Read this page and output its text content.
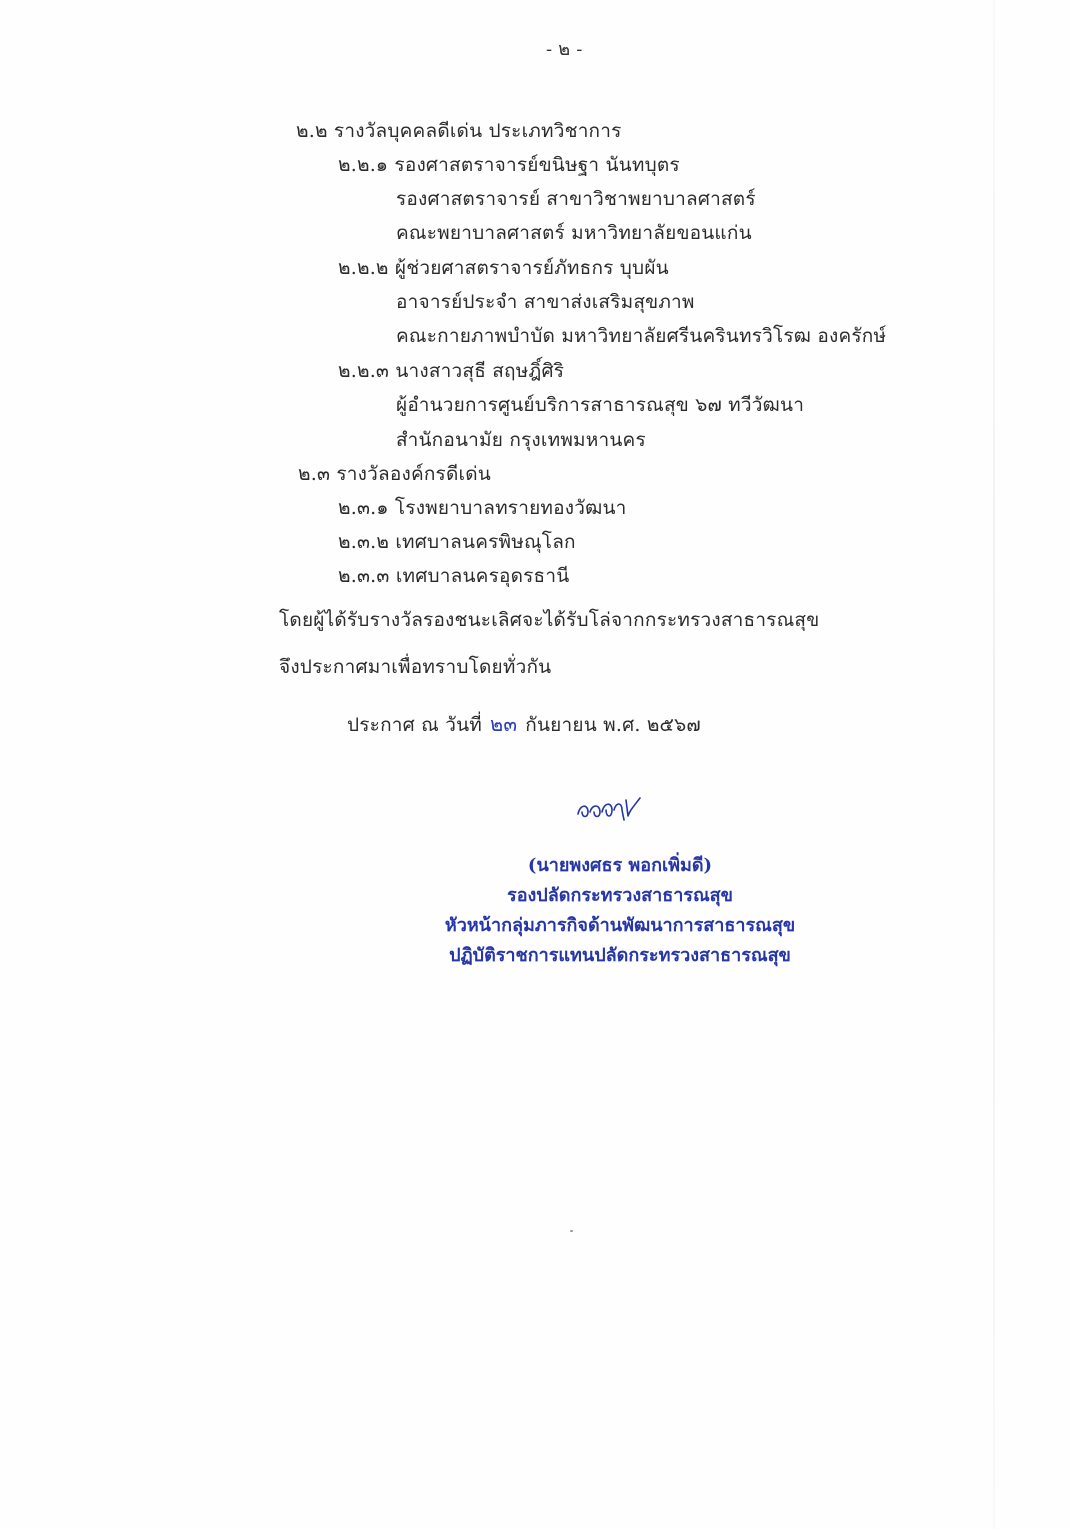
- ๒ -
๒.๒ รางวัลบุคคลดีเด่น ประเภทวิชาการ
๒.๒.๑ รองศาสตราจารย์ขนิษฐา นันทบุตร
รองศาสตราจารย์ สาขาวิชาพยาบาลศาสตร์
คณะพยาบาลศาสตร์ มหาวิทยาลัยขอนแก่น
๒.๒.๒ ผู้ช่วยศาสตราจารย์ภัทธกร บุบผัน
อาจารย์ประจำ สาขาส่งเสริมสุขภาพ
คณะกายภาพบำบัด มหาวิทยาลัยศรีนครินทรวิโรฒ องครักษ์
๒.๒.๓ นางสาวสุธี สฤษฎิ์ศิริ
ผู้อำนวยการศูนย์บริการสาธารณสุข ๖๗ ทวีวัฒนา
สำนักอนามัย กรุงเทพมหานคร
๒.๓ รางวัลองค์กรดีเด่น
๒.๓.๑ โรงพยาบาลทรายทองวัฒนา
๒.๓.๒ เทศบาลนครพิษณุโลก
๒.๓.๓ เทศบาลนครอุดรธานี
โดยผู้ได้รับรางวัลรองชนะเลิศจะได้รับโล่จากกระทรวงสาธารณสุข
จึงประกาศมาเพื่อทราบโดยทั่วกัน
ประกาศ ณ วันที่ ๒๓ กันยายน พ.ศ. ๒๕๖๗
(นายพงศธร พอกเพิ่มดี)
รองปลัดกระทรวงสาธารณสุข
หัวหน้ากลุ่มภารกิจด้านพัฒนาการสาธารณสุข
ปฏิบัติราชการแทนปลัดกระทรวงสาธารณสุข
